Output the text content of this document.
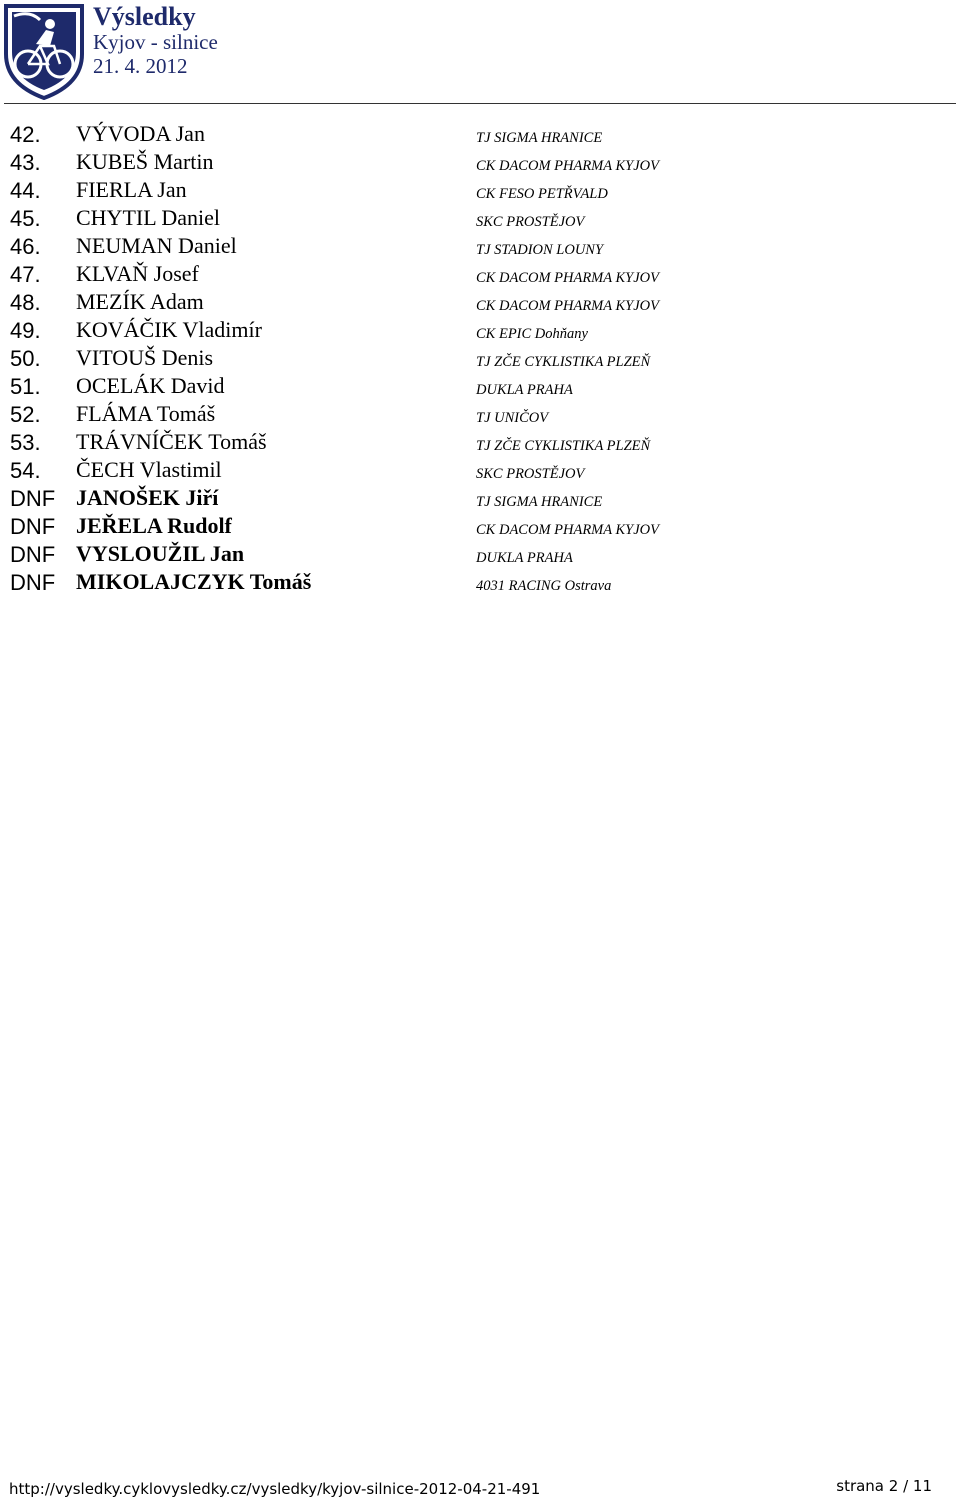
Výsledky
Kyjov - silnice
21. 4. 2012
42. VÝVODA Jan	TJ SIGMA HRANICE
43. KUBEŠ Martin	CK DACOM PHARMA KYJOV
44. FIERLA Jan	CK FESO PETŘVALD
45. CHYTIL Daniel	SKC PROSTĚJOV
46. NEUMAN Daniel	TJ STADION LOUNY
47. KLVAŇ Josef	CK DACOM PHARMA KYJOV
48. MEZÍK Adam	CK DACOM PHARMA KYJOV
49. KOVÁČIK Vladimír	CK EPIC Dohňany
50. VITOUŠ Denis	TJ ZČE CYKLISTIKA PLZEŇ
51. OCELÁK David	DUKLA PRAHA
52. FLÁMA Tomáš	TJ UNIČOV
53. TRÁVNÍČEK Tomáš	TJ ZČE CYKLISTIKA PLZEŇ
54. ČECH Vlastimil	SKC PROSTĚJOV
DNF JANOŠEK Jiří	TJ SIGMA HRANICE
DNF JEŘELA Rudolf	CK DACOM PHARMA KYJOV
DNF VYSLOUŽIL Jan	DUKLA PRAHA
DNF MIKOLAJCZYK Tomáš	4031 RACING Ostrava
http://vysledky.cyklovysledky.cz/vysledky/kyjov-silnice-2012-04-21-491	strana 2 / 11
